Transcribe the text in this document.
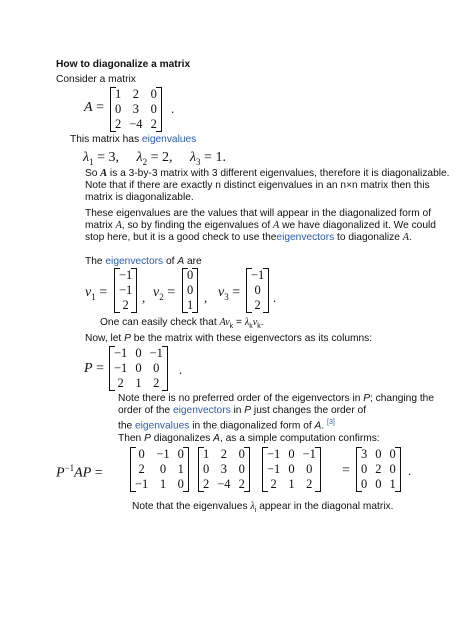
How to diagonalize a matrix
Consider a matrix
A =
1	2	0
0	3	0
2	−4	2
.
This matrix has eigenvalues
$\lambda_1 = 3$,     $\lambda_2 = 2$,     $\lambda_3 = 1$.
So A is a 3-by-3 matrix with 3 different eigenvalues, therefore it is diagonalizable.
Note that if there are exactly n distinct eigenvalues in an n×n matrix then this
matrix is diagonalizable.
These eigenvalues are the values that will appear in the diagonalized form of
matrix A, so by finding the eigenvalues of A we have diagonalized it. We could
stop here, but it is a good check to use theeigenvectors to diagonalize A.
The eigenvectors of A are
$v_1$ =
−1
−1
2 , $v_2$ =
0
0
1 , $v_3$ =
−1
0
2 .
One can easily check that $Av_k = \lambda_kv_k$.
Now, let P be the matrix with these eigenvectors as its columns:
P =
−1	0	−1
−1	0	0
2	1	2
.
Note there is no preferred order of the eigenvectors in P; changing the
order of the eigenvectors in P just changes the order of
the eigenvalues in the diagonalized form of A. [3]
Then P diagonalizes A, as a simple computation confirms:
$P^{-1}AP$ =
0	−1	0
2	0	1
−1	1	0
1	2	0
0	3	0
2	−4	2
−1	0	−1
−1	0	0
2	1	2
=
3	0	0
0	2	0
0	0	1
.
Note that the eigenvalues $\lambda_i$ appear in the diagonal matrix.
